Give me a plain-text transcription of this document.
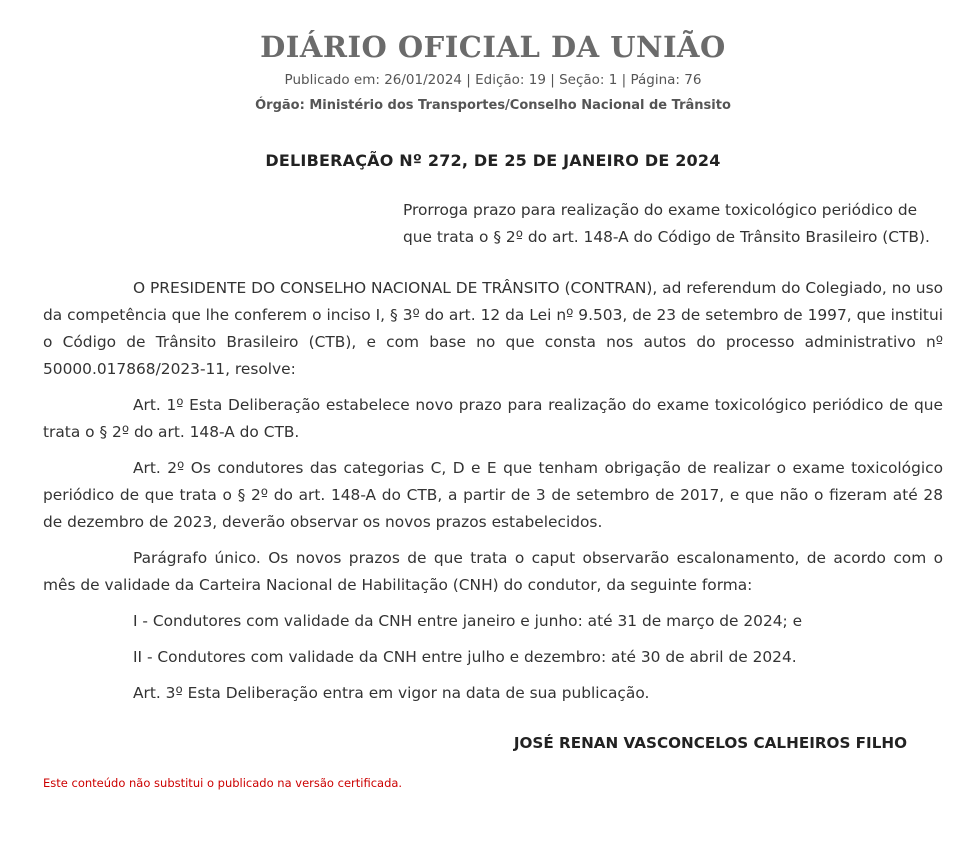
DIÁRIO OFICIAL DA UNIÃO
Publicado em: 26/01/2024 | Edição: 19 | Seção: 1 | Página: 76
Órgão: Ministério dos Transportes/Conselho Nacional de Trânsito
DELIBERAÇÃO Nº 272, DE 25 DE JANEIRO DE 2024
Prorroga prazo para realização do exame toxicológico periódico de que trata o § 2º do art. 148-A do Código de Trânsito Brasileiro (CTB).

O PRESIDENTE DO CONSELHO NACIONAL DE TRÂNSITO (CONTRAN), ad referendum do Colegiado, no uso da competência que lhe conferem o inciso I, § 3º do art. 12 da Lei nº 9.503, de 23 de setembro de 1997, que institui o Código de Trânsito Brasileiro (CTB), e com base no que consta nos autos do processo administrativo nº 50000.017868/2023-11, resolve:

Art. 1º Esta Deliberação estabelece novo prazo para realização do exame toxicológico periódico de que trata o § 2º do art. 148-A do CTB.

Art. 2º Os condutores das categorias C, D e E que tenham obrigação de realizar o exame toxicológico periódico de que trata o § 2º do art. 148-A do CTB, a partir de 3 de setembro de 2017, e que não o fizeram até 28 de dezembro de 2023, deverão observar os novos prazos estabelecidos.

Parágrafo único. Os novos prazos de que trata o caput observarão escalonamento, de acordo com o mês de validade da Carteira Nacional de Habilitação (CNH) do condutor, da seguinte forma:

I - Condutores com validade da CNH entre janeiro e junho: até 31 de março de 2024; e
II - Condutores com validade da CNH entre julho e dezembro: até 30 de abril de 2024.
Art. 3º Esta Deliberação entra em vigor na data de sua publicação.
JOSÉ RENAN VASCONCELOS CALHEIROS FILHO
Este conteúdo não substitui o publicado na versão certificada.
